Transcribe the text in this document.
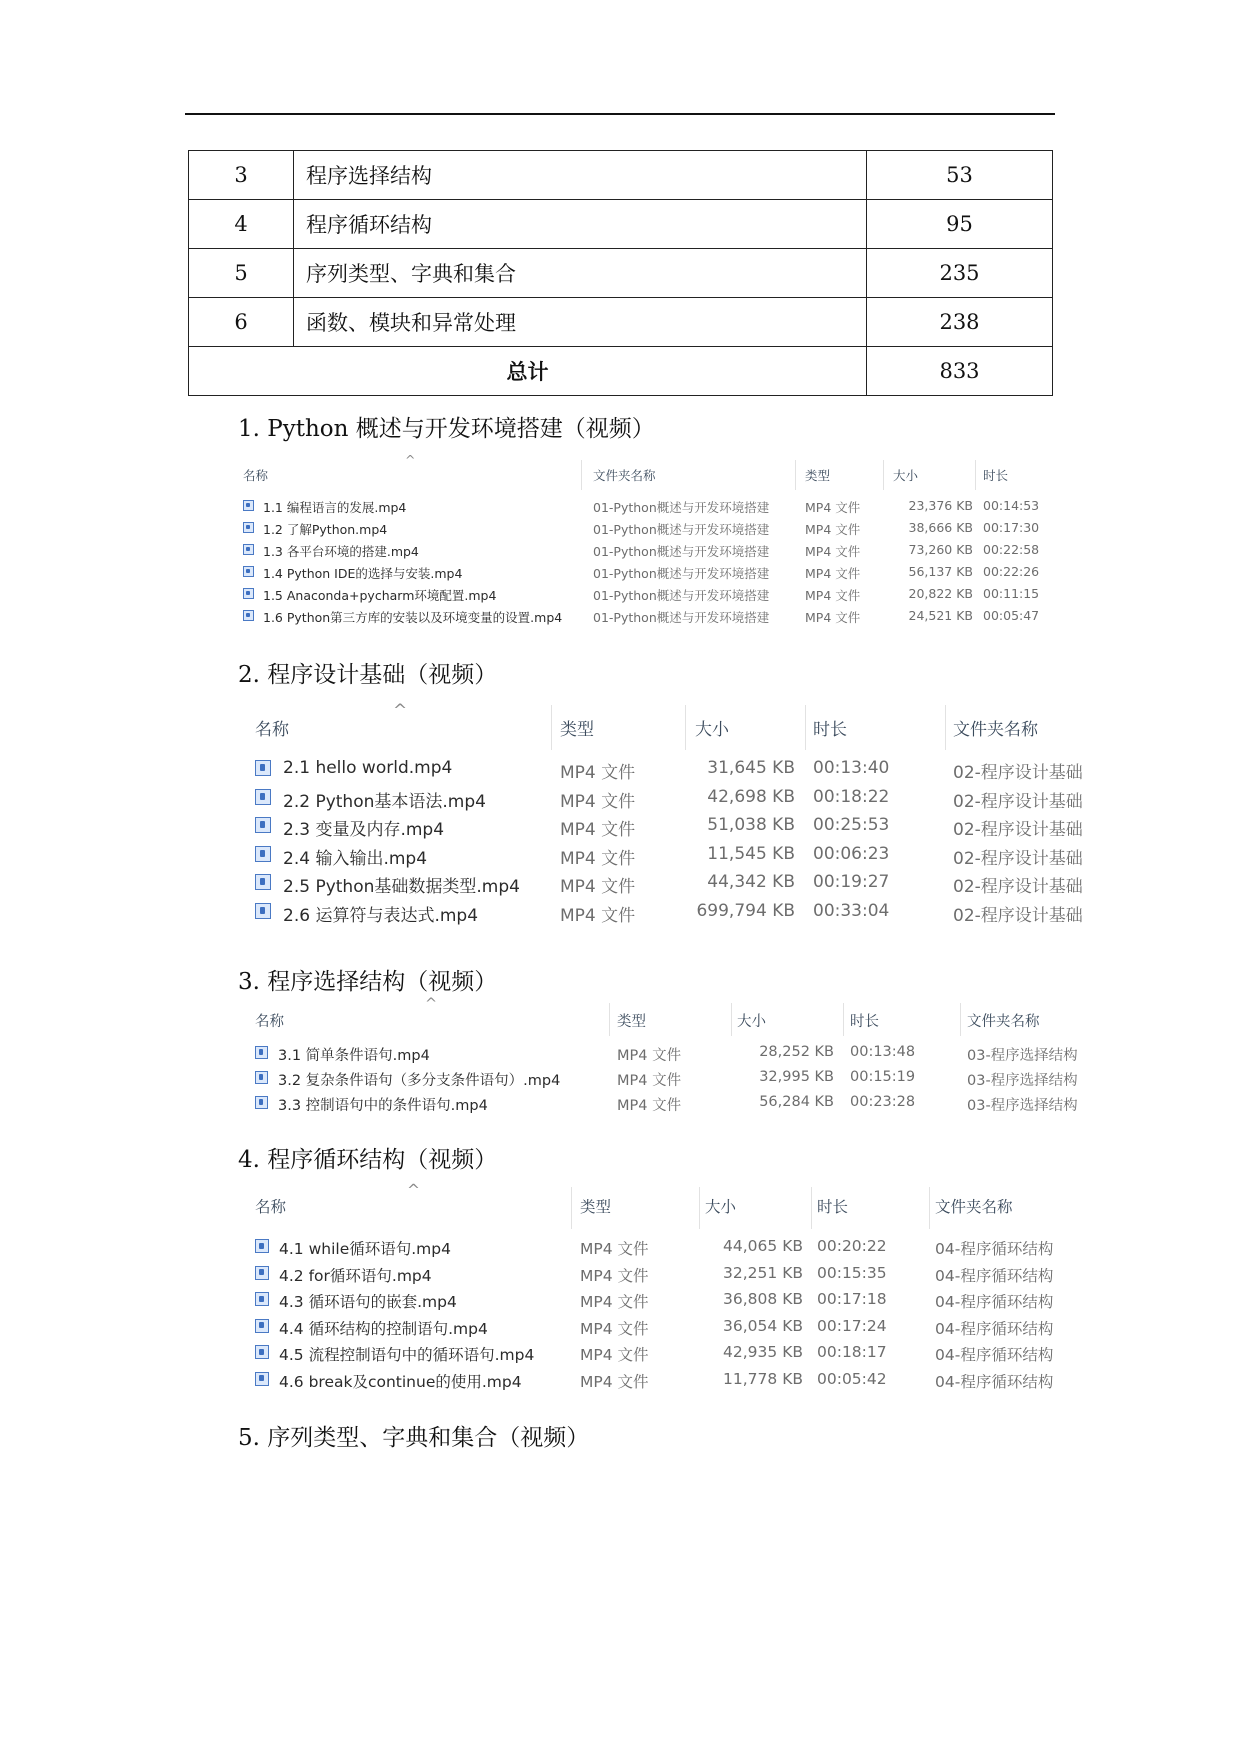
3	程序选择结构	53
4	程序循环结构	95
5	序列类型、字典和集合	235
6	函数、模块和异常处理	238
总计		833
1. Python 概述与开发环境搭建（视频）
2. 程序设计基础（视频）
3. 程序选择结构（视频）
4. 程序循环结构（视频）
5. 序列类型、字典和集合（视频）
名称
^
文件夹名称	类型	大小	时长
1.1 编程语言的发展.mp4	01-Python概述与开发环境搭建	MP4 文件	23,376 KB 00:14:53
1.2 了解Python.mp4	01-Python概述与开发环境搭建	MP4 文件	38,666 KB 00:17:30
1.3 各平台环境的搭建.mp4	01-Python概述与开发环境搭建	MP4 文件	73,260 KB 00:22:58
1.4 Python IDE的选择与安装.mp4	01-Python概述与开发环境搭建	MP4 文件	56,137 KB 00:22:26
1.5 Anaconda+pycharm环境配置.mp4	01-Python概述与开发环境搭建	MP4 文件	20,822 KB 00:11:15
1.6 Python第三方库的安装以及环境变量的设置.mp4 01-Python概述与开发环境搭建	MP4 文件	24,521 KB 00:05:47
名称
^
类型	大小	时长	文件夹名称
2.1 hello world.mp4	MP4 文件	31,645 KB 00:13:40	02-程序设计基础
2.2 Python基本语法.mp4	MP4 文件	42,698 KB 00:18:22	02-程序设计基础
2.3 变量及内存.mp4	MP4 文件	51,038 KB 00:25:53	02-程序设计基础
2.4 输入输出.mp4	MP4 文件	11,545 KB 00:06:23	02-程序设计基础
2.5 Python基础数据类型.mp4 MP4 文件	44,342 KB 00:19:27	02-程序设计基础
2.6 运算符与表达式.mp4	MP4 文件	699,794 KB 00:33:04	02-程序设计基础
名称
^
类型	大小	时长	文件夹名称
3.1 简单条件语句.mp4	MP4 文件	28,252 KB 00:13:48	03-程序选择结构
3.2 复杂条件语句（多分支条件语句）.mp4	MP4 文件	32,995 KB 00:15:19	03-程序选择结构
3.3 控制语句中的条件语句.mp4	MP4 文件	56,284 KB 00:23:28	03-程序选择结构
名称
^
类型	大小	时长	文件夹名称
4.1 while循环语句.mp4	MP4 文件	44,065 KB 00:20:22	04-程序循环结构
4.2 for循环语句.mp4	MP4 文件	32,251 KB 00:15:35	04-程序循环结构
4.3 循环语句的嵌套.mp4	MP4 文件	36,808 KB 00:17:18	04-程序循环结构
4.4 循环结构的控制语句.mp4	MP4 文件	36,054 KB 00:17:24	04-程序循环结构
4.5 流程控制语句中的循环语句.mp4	MP4 文件	42,935 KB 00:18:17	04-程序循环结构
4.6 break及continue的使用.mp4	MP4 文件	11,778 KB 00:05:42	04-程序循环结构
